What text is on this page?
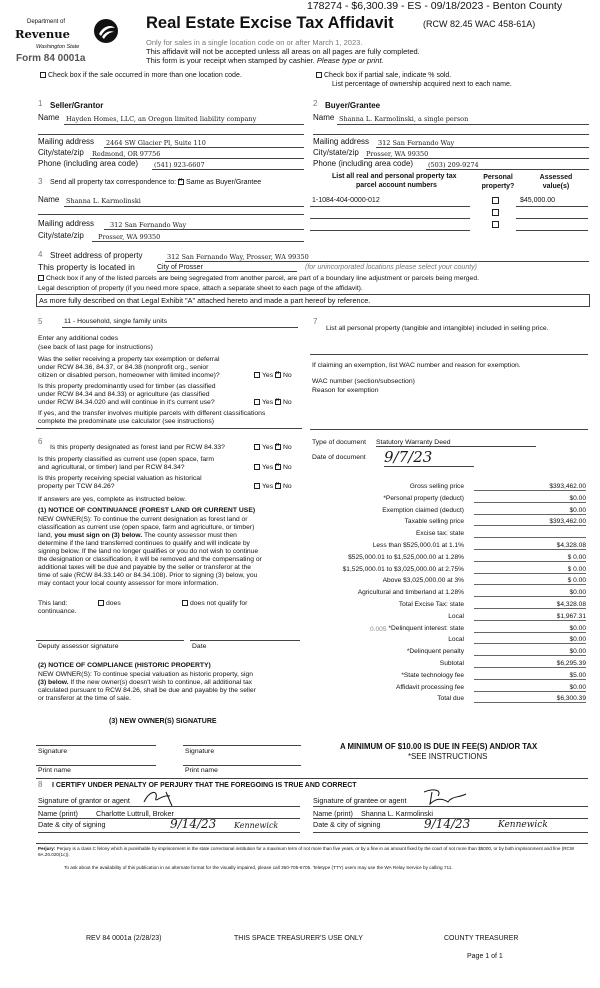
178274 - $6,300.39 - ES - 09/18/2023 - Benton County
Department of
Revenue
Washington State
Form 84 0001a
Real Estate Excise Tax Affidavit	(RCW 82.45 WAC 458-61A)
Only for sales in a single location code on or after March 1, 2023.
This affidavit will not be accepted unless all areas on all pages are fully completed.
This form is your receipt when stamped by cashier. Please type or print.
Check box if the sale occurred in more than one location code.	Check box if partial sale, indicate % sold.
List percentage of ownership acquired next to each name.
1 Seller/Grantor
Name Hayden Homes, LLC, an Oregon limited liability company
Mailing address 2464 SW Glacier Pl, Suite 110
City/state/zip Redmond, OR 97756
Phone (including area code) (541) 923-6607
2 Buyer/Grantee
Name Shanna L. Karmolinski, a single person
Mailing address 312 San Fernando Way
City/state/zip Prosser, WA 99350
Phone (including area code) (503) 209-9274
3 Send all property tax correspondence to: × Same as Buyer/Grantee
Name Shanna L. Karmolinski
Mailing address 312 San Fernando Way
City/state/zip Prosser, WA 99350
List all real and personal property tax
parcel account numbers
Personal property?
Assessed value(s)
1-1084-404-0000-012	$45,000.00
4 Street address of property	312 San Fernando Way, Prosser, WA 99350
This property is located in	City of Prosser	(for unincorporated locations please select your county)
Check box if any of the listed parcels are being segregated from another parcel, are part of a boundary line adjustment or parcels being merged.
Legal description of property (if you need more space, attach a separate sheet to each page of the affidavit).
As more fully described on that Legal Exhibit "A" attached hereto and made a part hereof by reference.
5	11 - Household, single family units
Enter any additional codes
(see back of last page for instructions)
Was the seller receiving a property tax exemption or deferral
under RCW 84.36, 84.37, or 84.38 (nonprofit org., senior
citizen or disabled person, homeowner with limited income)?	Yes × No
Is this property predominantly used for timber (as classified
under RCW 84.34 and 84.33) or agriculture (as classified
under RCW 84.34.020 and will continue in it's current use?	Yes × No
If yes, and the transfer involves multiple parcels with different classifications
complete the predominate use calculator (see instructions)
6
Is this property designated as forest land per RCW 84.33?	Yes × No
Is this property classified as current use (open space, farm
and agricultural, or timber) land per RCW 84.34?	Yes × No
Is this property receiving special valuation as historical
property per TCW 84.26?	Yes × No
If answers are yes, complete as instructed below.
(1) NOTICE OF CONTINUANCE (FOREST LAND OR CURRENT USE)
NEW OWNER(S): To continue the current designation as forest land or
classification as current use (open space, farm and agriculture, or timber)
land, you must sign on (3) below. The county assessor must then
determine if the land transferred continues to qualify and will indicate by
signing below. If the land no longer qualifies or you do not wish to continue
the designation or classification, it will be removed and the compensating or
additional taxes will be due and payable by the seller or transferor at the
time of sale (RCW 84.33.140 or 84.34.108). Prior to signing (3) below, you
may contact your local county assessor for more information.
This land:
continuance.
does	does not qualify for
Deputy assessor signature	Date
(2) NOTICE OF COMPLIANCE (HISTORIC PROPERTY)
NEW OWNER(S): To continue special valuation as historic property, sign
(3) below. If the new owner(s) doesn't wish to continue, all additional tax
calculated pursuant to RCW 84.26, shall be due and payable by the seller
or transferor at the time of sale.
(3) NEW OWNER(S) SIGNATURE
Signature	Signature
Print name	Print name
7
List all personal property (tangible and intangible) included in selling price.
If claiming an exemption, list WAC number and reason for exemption.
WAC number (section/subsection)
Reason for exemption
Type of document Statutory Warranty Deed
Date of document 9/7/23
Gross selling price	$393,462.00
*Personal property (deduct)	$0.00
Exemption claimed (deduct)	$0.00
Taxable selling price	$393,462.00
Excise tax: state

Less than $525,000.01 at 1.1%	$4,328.08
$525,000.01 to $1,525,000.00 at 1.28%	$ 0.00
$1,525,000.01 to $3,025,000.00 at 2.75%	$ 0.00
Above $3,025,000.00 at 3%	$ 0.00
Agricultural and timberland at 1.28%	$0.00
Total Excise Tax: state	$4,328.08
Local	$1,967.31
*Delinquent interest: state	$0.00
Local	$0.00
*Delinquent penalty	$0.00
Subtotal	$6,295.39
*State technology fee	$5.00
Affidavit processing fee	$0.00
Total due	$6,300.39
0.005
A MINIMUM OF $10.00 IS DUE IN FEE(S) AND/OR TAX
*SEE INSTRUCTIONS
8 I CERTIFY UNDER PENALTY OF PERJURY THAT THE FOREGOING IS TRUE AND CORRECT
Signature of grantor or agent	Signature of grantee or agent
Name (print)	Charlotte Luttrull, Broker	Name (print) Shanna L. Karmolinski
Date & city of signing	9/14/23 Kennewick	Date & city of signing	9/14/23	Kennewick
Perjury: Perjury is a class C felony which is punishable by imprisonment in the state correctional institution for a maximum term of not more than five years, or by a fine in an amount fixed by the court of not more than $5000, or by both imprisonment and fine (RCW 9A.20.020(1c)).
To ask about the availability of this publication in an alternate format for the visually impaired, please call 360-705-6705. Teletype (TTY) users may use the WA Relay Service by calling 711.
REV 84 0001a (2/28/23)	THIS SPACE TREASURER'S USE ONLY	COUNTY TREASURER
Page 1 of 1
